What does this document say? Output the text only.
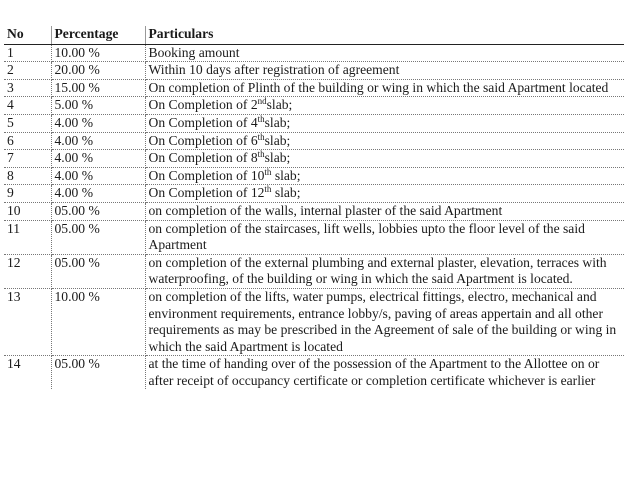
No	Percentage	Particulars
1	10.00 %	Booking amount
2	20.00 %	Within 10 days after registration of agreement
3	15.00 %	On completion of Plinth of the building or wing in which the said Apartment located
4	5.00 %	On Completion of 2ndslab;
5	4.00 %	On Completion of 4thslab;
6	4.00 %	On Completion of 6thslab;
7	4.00 %	On Completion of 8thslab;
8	4.00 %	On Completion of 10th slab;
9	4.00 %	On Completion of 12th slab;
10	05.00 %	on completion of the walls, internal plaster of the said Apartment
11	05.00 %	on completion of the staircases, lift wells, lobbies upto the floor level of the said Apartment
12	05.00 %	on completion of the external plumbing and external plaster, elevation, terraces with waterproofing, of the building or wing in which the said Apartment is located.
13	10.00 %	on completion of the lifts, water pumps, electrical fittings, electro, mechanical and environment requirements, entrance lobby/s, paving of areas appertain and all other requirements as may be prescribed in the Agreement of sale of the building or wing in which the said Apartment is located
14	05.00 %	at the time of handing over of the possession of the Apartment to the Allottee on or after receipt of occupancy certificate or completion certificate whichever is earlier
